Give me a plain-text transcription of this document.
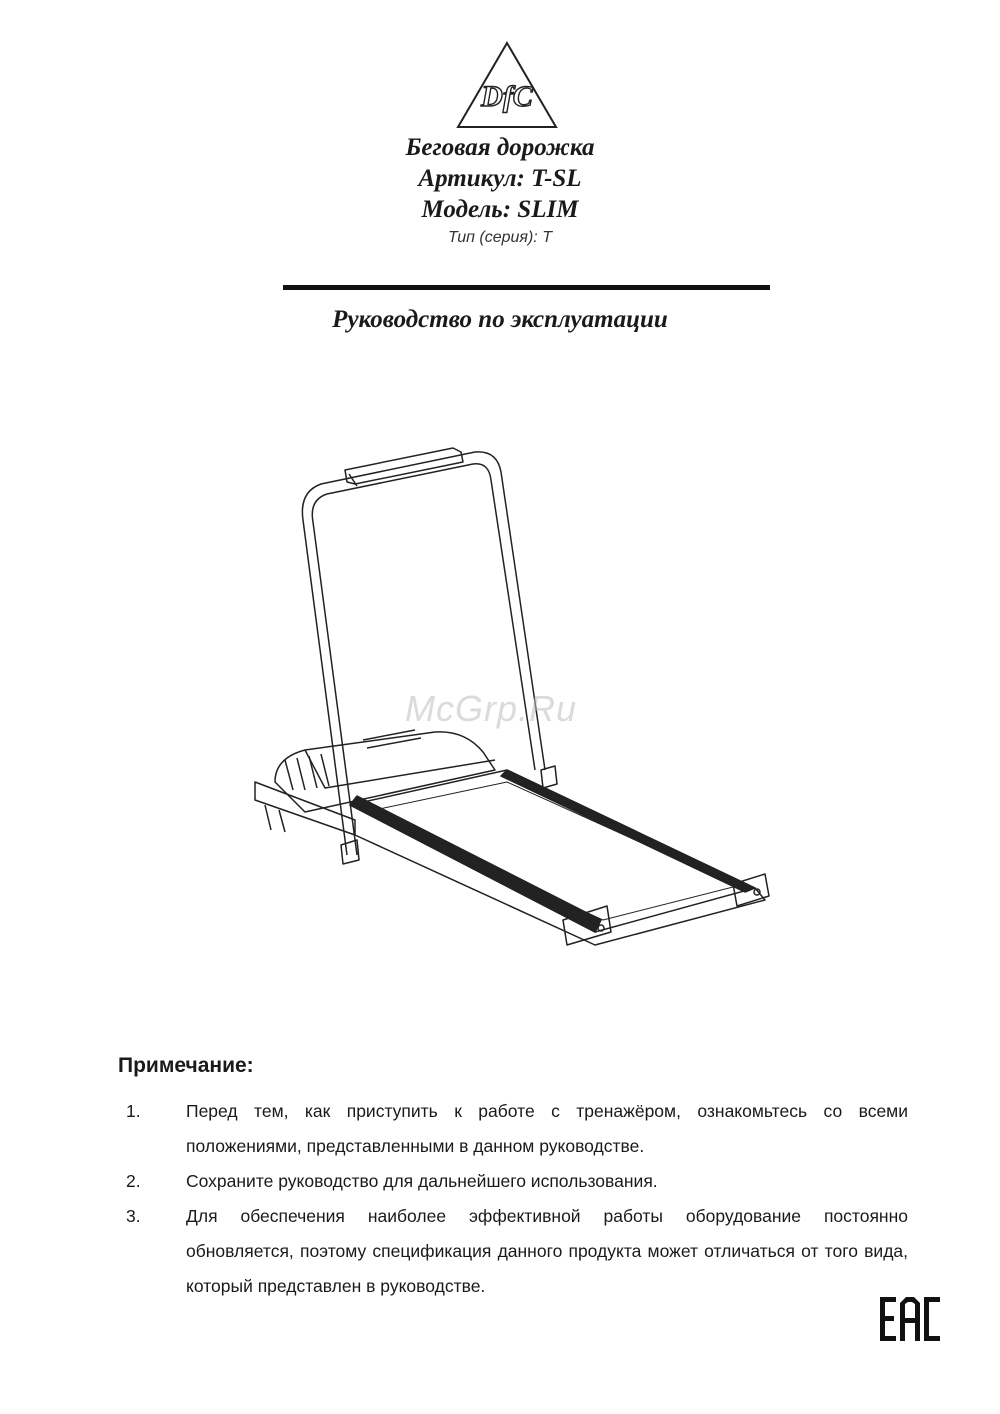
DfC
Беговая дорожка
Артикул: T-SL
Модель: SLIM
Тип (серия): Т
Руководство по эксплуатации
McGrp.Ru
Примечание:
1.	Перед тем, как приступить к работе с тренажёром, ознакомьтесь со всеми положениями, представленными в данном руководстве.
2.	Сохраните руководство для дальнейшего использования.
3.	Для обеспечения наиболее эффективной работы оборудование постоянно обновляется, поэтому спецификация данного продукта может отличаться от того вида, который представлен в руководстве.
